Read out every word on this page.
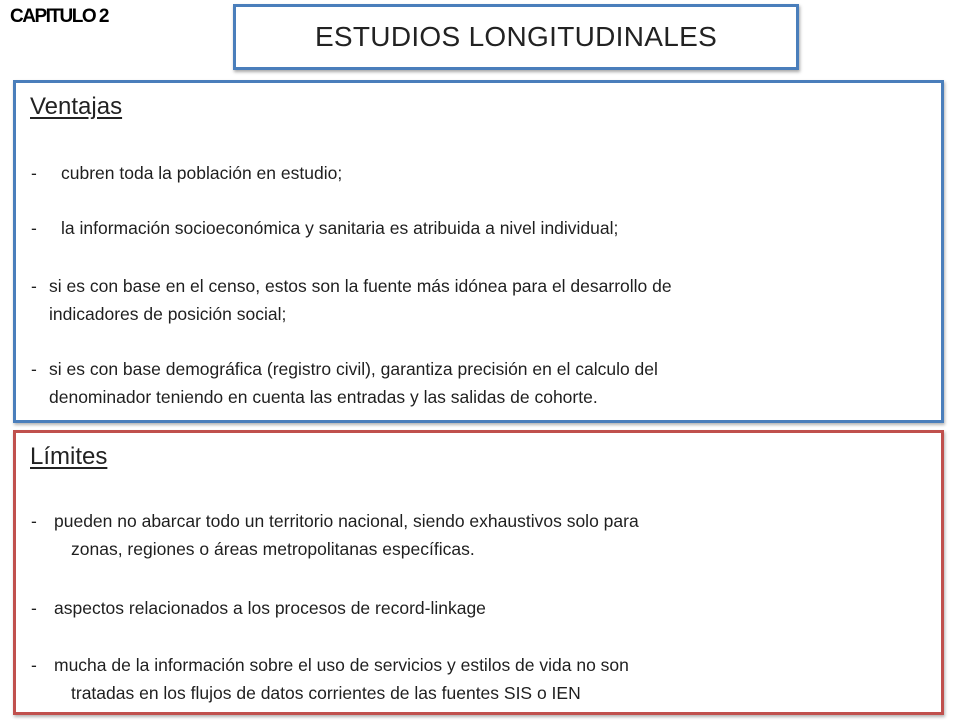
CAPITULO 2
ESTUDIOS LONGITUDINALES
Ventajas
-	cubren toda la población en estudio;
-	la información socioeconómica y sanitaria es atribuida a nivel individual;
- si es con base en el censo, estos son la fuente más idónea para el desarrollo de
indicadores de posición social;
- si es con base demográfica (registro civil), garantiza precisión en el calculo del
denominador teniendo en cuenta las entradas y las salidas de cohorte.
Límites
- pueden no abarcar todo un territorio nacional, siendo exhaustivos solo para
zonas, regiones o áreas metropolitanas específicas.
- aspectos relacionados a los procesos de record-linkage
- mucha de la información sobre el uso de servicios y estilos de vida no son
tratadas en los flujos de datos corrientes de las fuentes SIS o IEN
